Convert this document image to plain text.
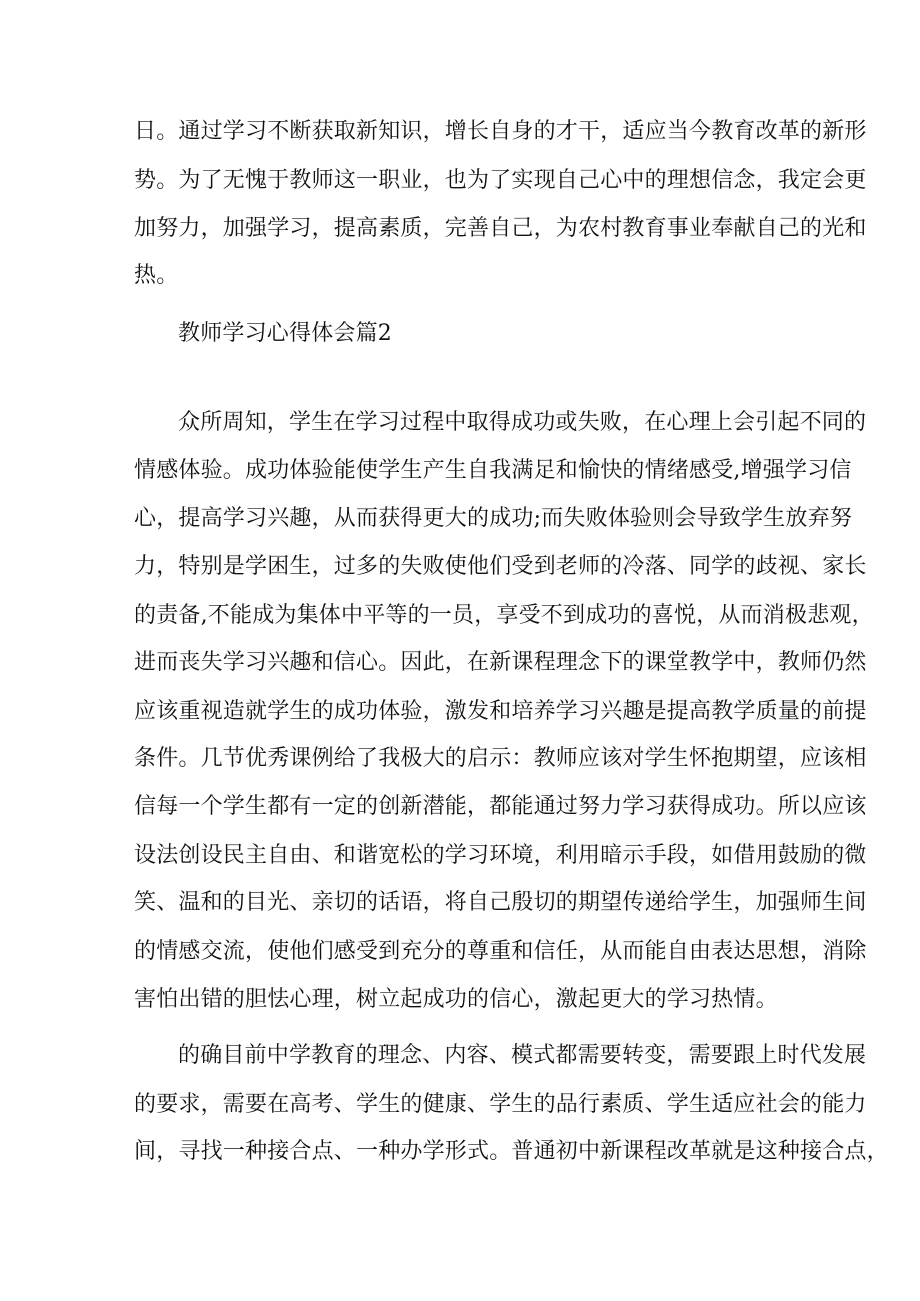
日。通过学习不断获取新知识，增长自身的才干，适应当今教育改革的新形

势。为了无愧于教师这一职业，也为了实现自己心中的理想信念，我定会更

加努力，加强学习，提高素质，完善自己，为农村教育事业奉献自己的光和

热。

教师学习心得体会篇2

众所周知，学生在学习过程中取得成功或失败，在心理上会引起不同的

情感体验。成功体验能使学生产生自我满足和愉快的情绪感受,增强学习信

心，提高学习兴趣，从而获得更大的成功;而失败体验则会导致学生放弃努

力，特别是学困生，过多的失败使他们受到老师的冷落、同学的歧视、家长

的责备,不能成为集体中平等的一员，享受不到成功的喜悦，从而消极悲观，

进而丧失学习兴趣和信心。因此，在新课程理念下的课堂教学中，教师仍然

应该重视造就学生的成功体验，激发和培养学习兴趣是提高教学质量的前提

条件。几节优秀课例给了我极大的启示：教师应该对学生怀抱期望，应该相

信每一个学生都有一定的创新潜能，都能通过努力学习获得成功。所以应该

设法创设民主自由、和谐宽松的学习环境，利用暗示手段，如借用鼓励的微

笑、温和的目光、亲切的话语，将自己殷切的期望传递给学生，加强师生间

的情感交流，使他们感受到充分的尊重和信任，从而能自由表达思想，消除

害怕出错的胆怯心理，树立起成功的信心，激起更大的学习热情。

的确目前中学教育的理念、内容、模式都需要转变，需要跟上时代发展

的要求，需要在高考、学生的健康、学生的品行素质、学生适应社会的能力

间，寻找一种接合点、一种办学形式。普通初中新课程改革就是这种接合点，
